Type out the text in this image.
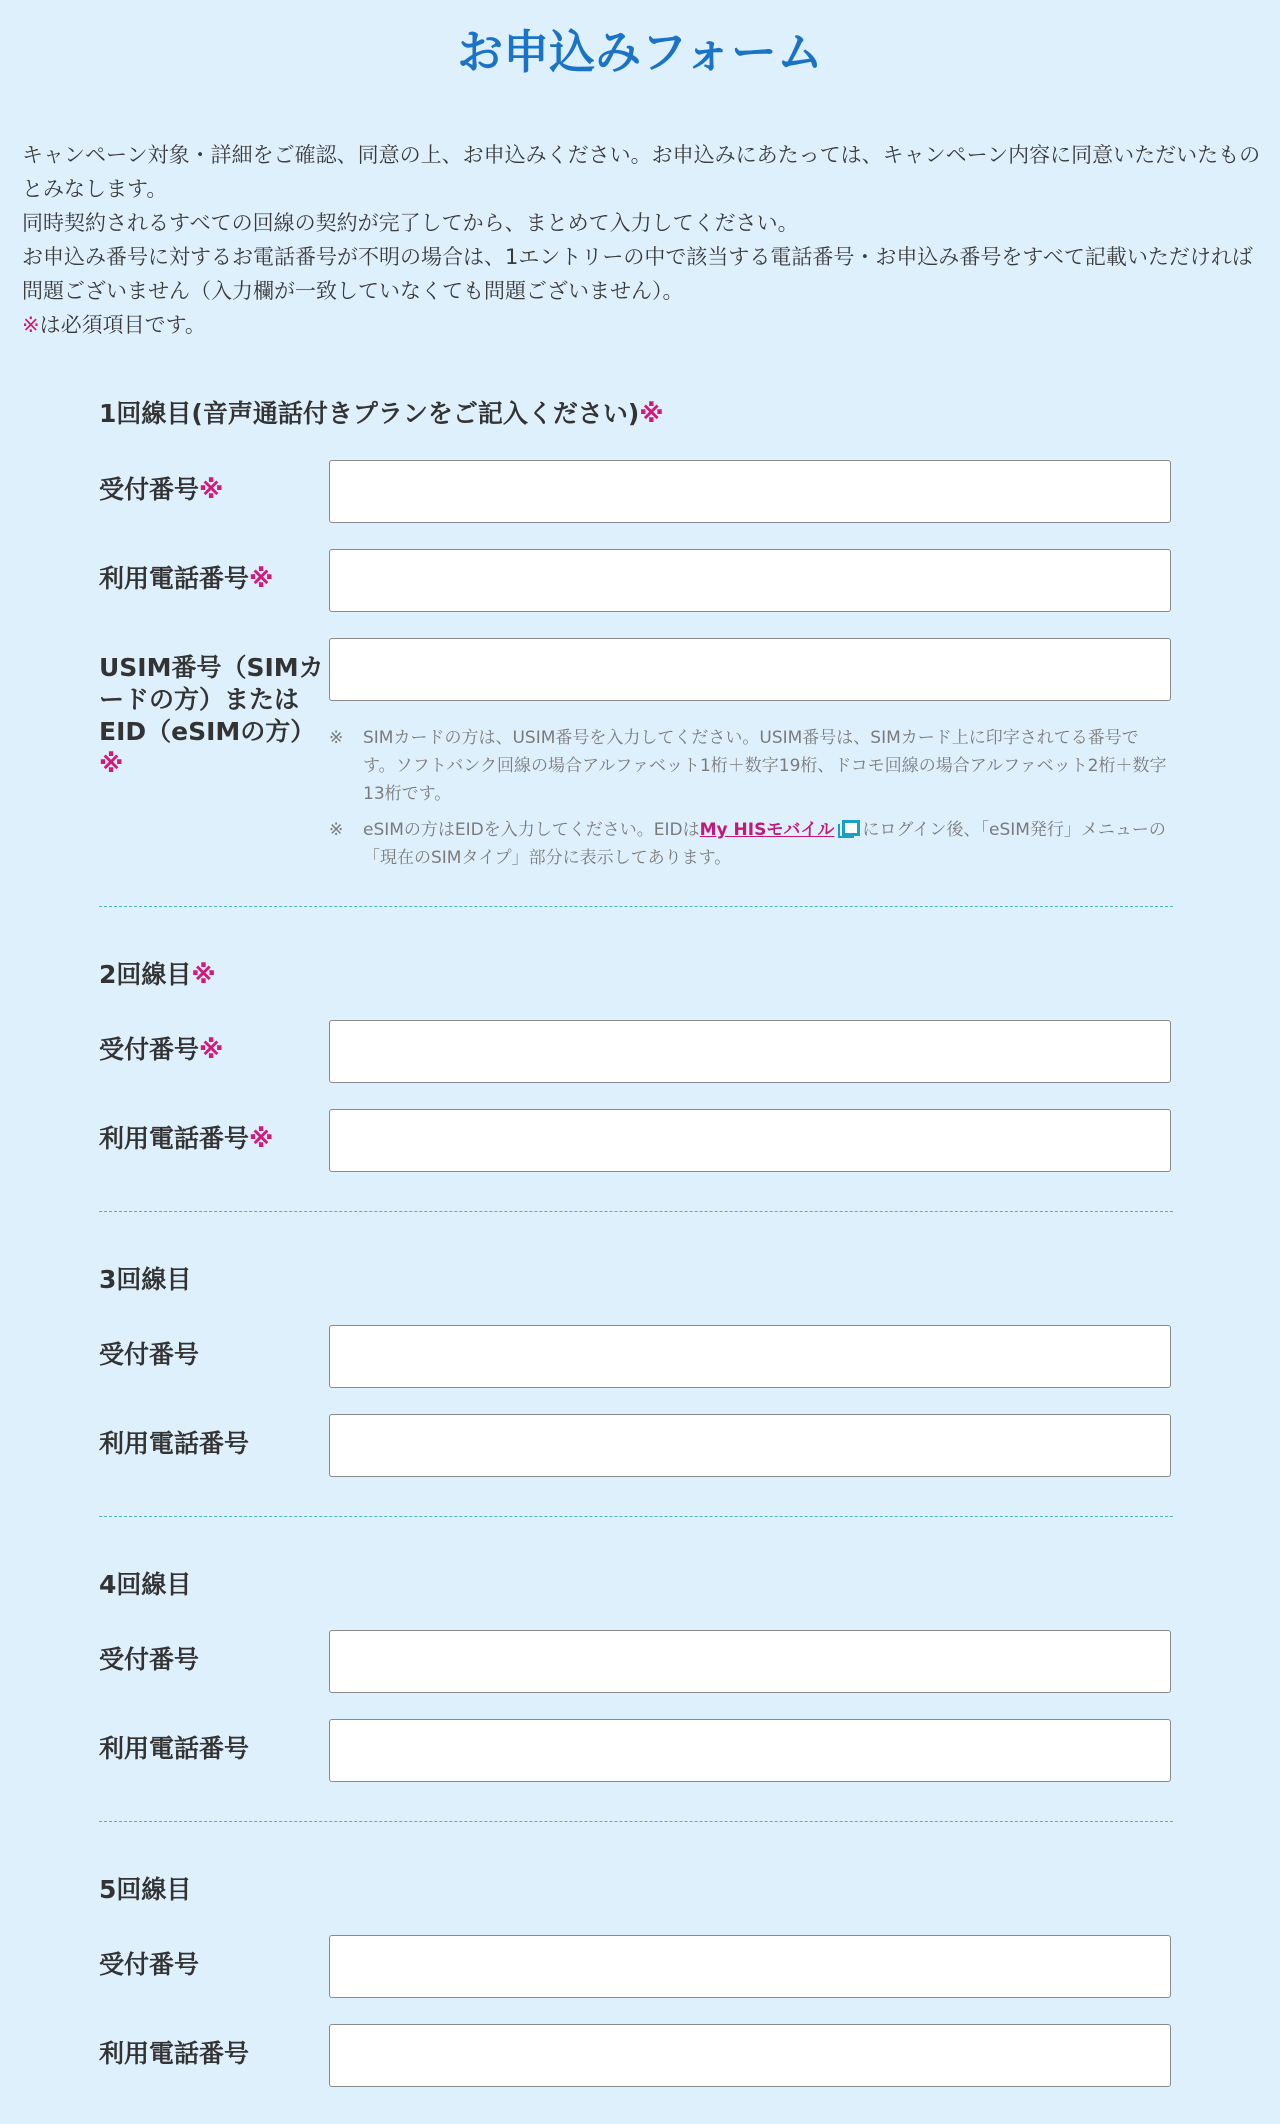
お申込みフォーム

キャンペーン対象・詳細をご確認、同意の上、お申込みください。お申込みにあたっては、キャンペーン内容に同意いただいたものとみなします。

同時契約されるすべての回線の契約が完了してから、まとめて入力してください。

お申込み番号に対するお電話番号が不明の場合は、1エントリーの中で該当する電話番号・お申込み番号をすべて記載いただければ問題ございません（入力欄が一致していなくても問題ございません）。

※は必須項目です。

1回線目(音声通話付きプランをご記入ください)※
受付番号※
利用電話番号※
USIM番号（SIMカードの方）またはEID（eSIMの方）
※
※ SIMカードの方は、USIM番号を入力してください。USIM番号は、SIMカード上に印字されてる番号です。ソフトバンク回線の場合アルファベット1桁＋数字19桁、ドコモ回線の場合アルファベット2桁＋数字13桁です。
※ eSIMの方はEIDを入力してください。EIDはMy HISモバイル にログイン後、「eSIM発行」メニューの「現在のSIMタイプ」部分に表示してあります。
2回線目※
受付番号※
利用電話番号※
3回線目
受付番号
利用電話番号
4回線目
受付番号
利用電話番号
5回線目
受付番号
利用電話番号
